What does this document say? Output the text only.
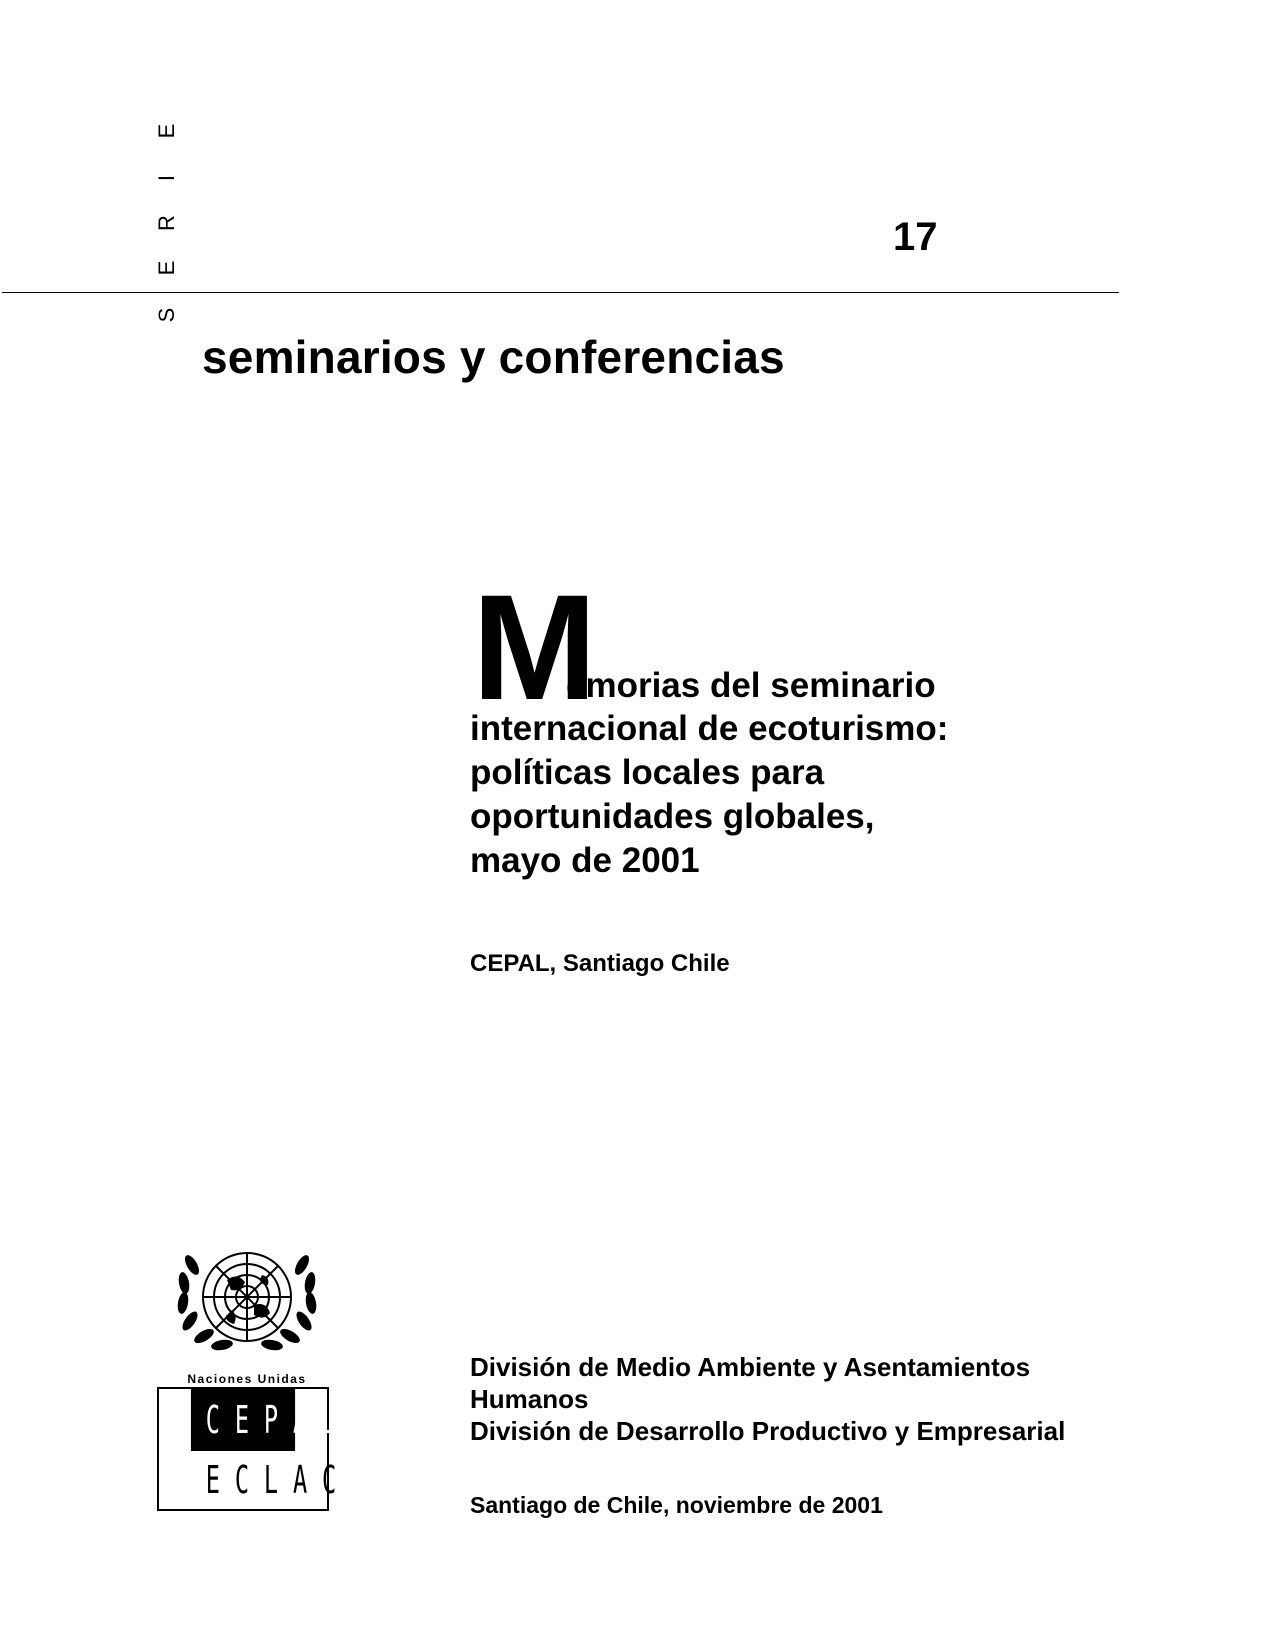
S
E
R
I
E
17
seminarios y conferencias
M
emorias del seminario
internacional de ecoturismo:
políticas locales para
oportunidades globales,
mayo de 2001
CEPAL, Santiago Chile
Naciones Unidas
CEPAL
ECLAC
División de Medio Ambiente y Asentamientos
Humanos
División de Desarrollo Productivo y Empresarial
Santiago de Chile, noviembre de 2001
